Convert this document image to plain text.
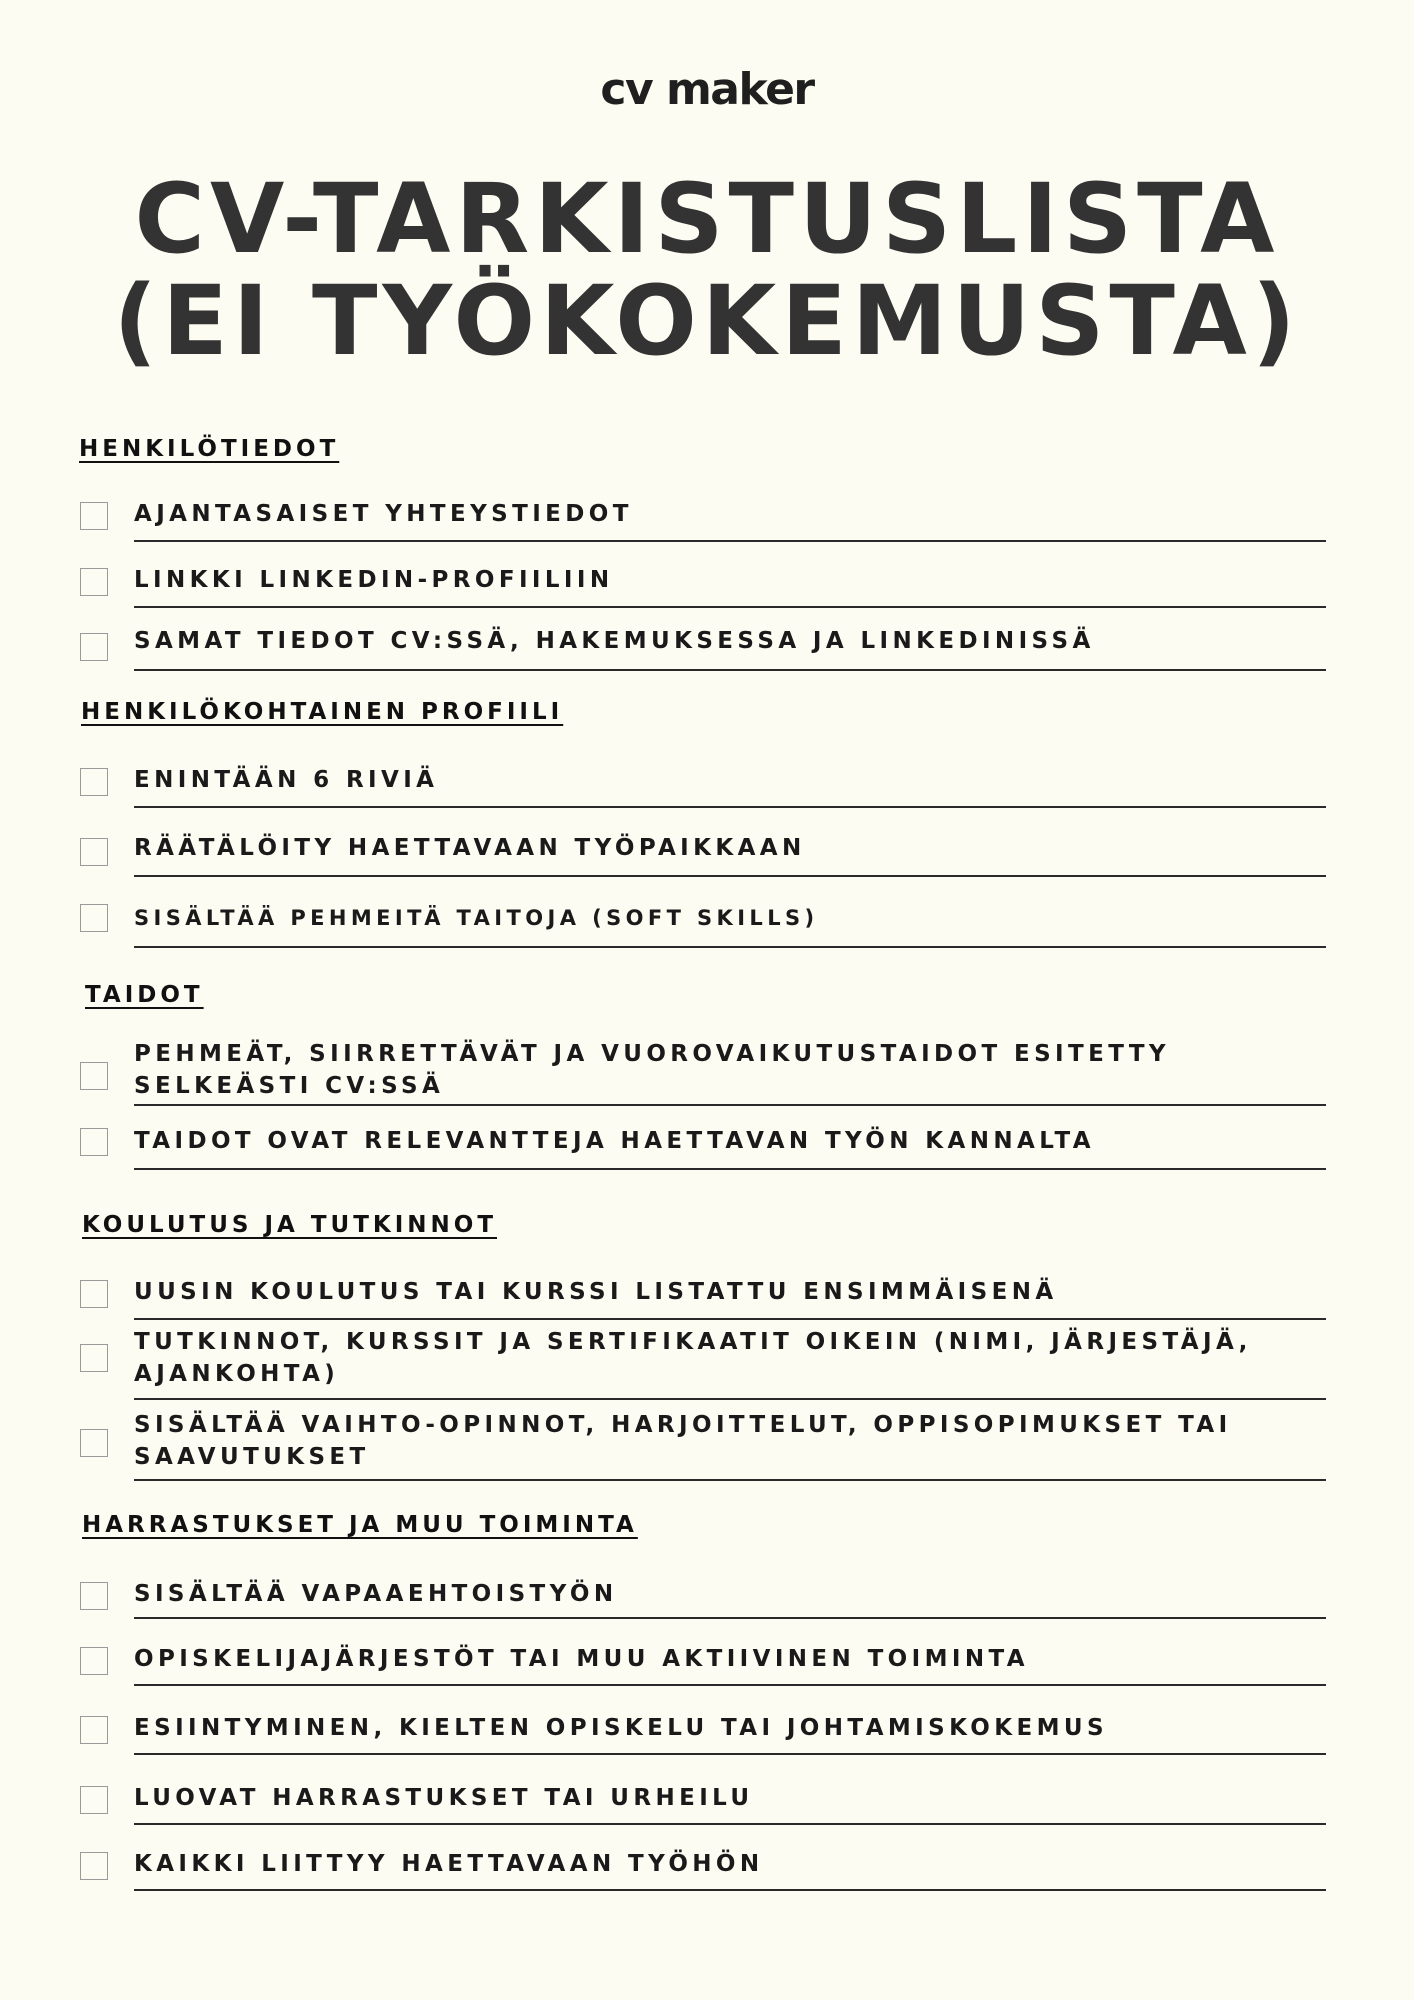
cv maker
CV-TARKISTUSLISTA
(EI TYÖKOKEMUSTA)
HENKILÖTIEDOT
AJANTASAISET YHTEYSTIEDOT
LINKKI LINKEDIN-PROFIILIIN
SAMAT TIEDOT CV:SSÄ, HAKEMUKSESSA JA LINKEDINISSÄ
HENKILÖKOHTAINEN PROFIILI
ENINTÄÄN 6 RIVIÄ
RÄÄTÄLÖITY HAETTAVAAN TYÖPAIKKAAN
SISÄLTÄÄ PEHMEITÄ TAITOJA (SOFT SKILLS)
TAIDOT
PEHMEÄT, SIIRRETTÄVÄT JA VUOROVAIKUTUSTAIDOT ESITETTY SELKEÄSTI CV:SSÄ
TAIDOT OVAT RELEVANTTEJA HAETTAVAN TYÖN KANNALTA
KOULUTUS JA TUTKINNOT
UUSIN KOULUTUS TAI KURSSI LISTATTU ENSIMMÄISENÄ
TUTKINNOT, KURSSIT JA SERTIFIKAATIT OIKEIN (NIMI, JÄRJESTÄJÄ, AJANKOHTA)
SISÄLTÄÄ VAIHTO-OPINNOT, HARJOITTELUT, OPPISOPIMUKSET TAI SAAVUTUKSET
HARRASTUKSET JA MUU TOIMINTA
SISÄLTÄÄ VAPAAEHTOISTYÖN
OPISKELIJAJÄRJESTÖT TAI MUU AKTIIVINEN TOIMINTA
ESIINTYMINEN, KIELTEN OPISKELU TAI JOHTAMISKOKEMUS
LUOVAT HARRASTUKSET TAI URHEILU
KAIKKI LIITTYY HAETTAVAAN TYÖHÖN
